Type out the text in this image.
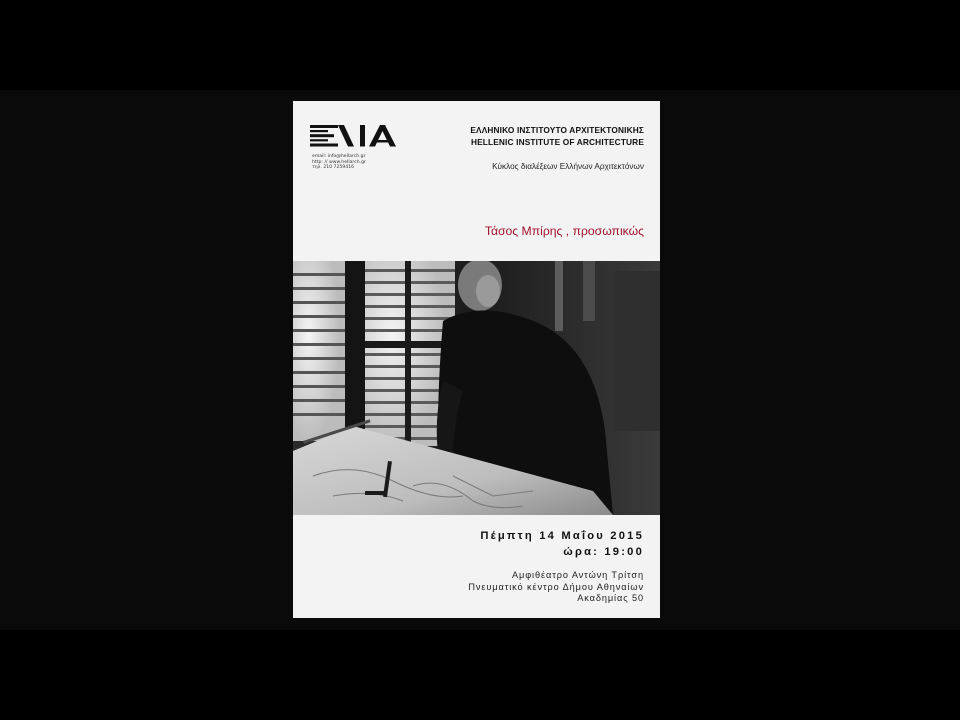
email: info@hellarch.gr
http: // www.hellarch.gr
τηλ. 210 7259416
ΕΛΛΗΝΙΚΟ ΙΝΣΤΙΤΟΥΤΟ ΑΡΧΙΤΕΚΤΟΝΙΚΗΣ
HELLENIC INSTITUTE OF ARCHITECTURE
Κύκλος διαλέξεων Ελλήνων Αρχιτεκτόνων
Τάσος Μπίρης , προσωπικώς
Πέμπτη 14 Μαΐου 2015
ώρα: 19:00
Αμφιθέατρο Αντώνη Τρίτση
Πνευματικό κέντρο Δήμου Αθηναίων
Ακαδημίας 50
